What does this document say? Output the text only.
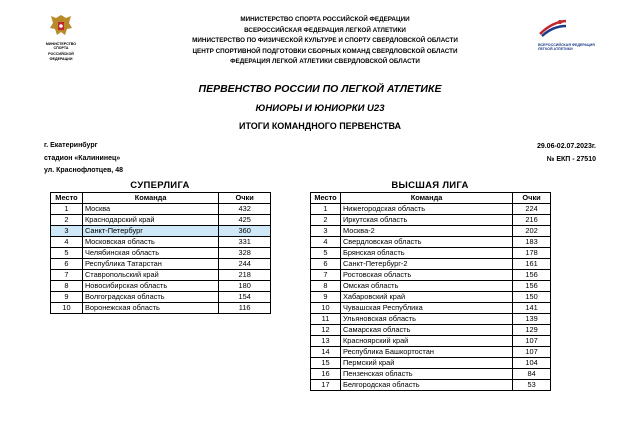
МИНИСТЕРСТВО СПОРТА
РОССИЙСКОЙ ФЕДЕРАЦИИ
ВСЕРОССИЙСКАЯ ФЕДЕРАЦИЯ
ЛЕГКОЙ АТЛЕТИКИ
МИНИСТЕРСТВО СПОРТА РОССИЙСКОЙ ФЕДЕРАЦИИ
ВСЕРОССИЙСКАЯ ФЕДЕРАЦИЯ ЛЕГКОЙ АТЛЕТИКИ
МИНИСТЕРСТВО ПО ФИЗИЧЕСКОЙ КУЛЬТУРЕ И СПОРТУ СВЕРДЛОВСКОЙ ОБЛАСТИ
ЦЕНТР СПОРТИВНОЙ ПОДГОТОВКИ СБОРНЫХ КОМАНД СВЕРДЛОВСКОЙ ОБЛАСТИ
ФЕДЕРАЦИЯ ЛЕГКОЙ АТЛЕТИКИ СВЕРДЛОВСКОЙ ОБЛАСТИ
ПЕРВЕНСТВО РОССИИ ПО ЛЕГКОЙ АТЛЕТИКЕ
ЮНИОРЫ И ЮНИОРКИ U23
ИТОГИ КОМАНДНОГО ПЕРВЕНСТВА
г. Екатеринбург
стадион «Калининец»
ул. Краснофлотцев, 48
29.06-02.07.2023г.
№ ЕКП - 27510
СУПЕРЛИГА	ВЫСШАЯ ЛИГА
Место	Команда	Очки
1	Москва	432
2	Краснодарский край	425
3	Санкт-Петербург	360
4	Московская область	331
5	Челябинская область	328
6	Республика Татарстан	244
7	Ставропольский край	218
8	Новосибирская область	180
9	Волгоградская область	154
10	Воронежская область	116
Место	Команда	Очки
1	Нижегородская область	224
2	Иркутская область	216
3	Москва-2	202
4	Свердловская область	183
5	Брянская область	178
6	Санкт-Петербург-2	161
7	Ростовская область	156
8	Омская область	156
9	Хабаровский край	150
10	Чувашская Республика	141
11	Ульяновская область	139
12	Самарская область	129
13	Красноярский край	107
14	Республика Башкортостан	107
15	Пермский край	104
16	Пензенская область	84
17	Белгородская область	53
